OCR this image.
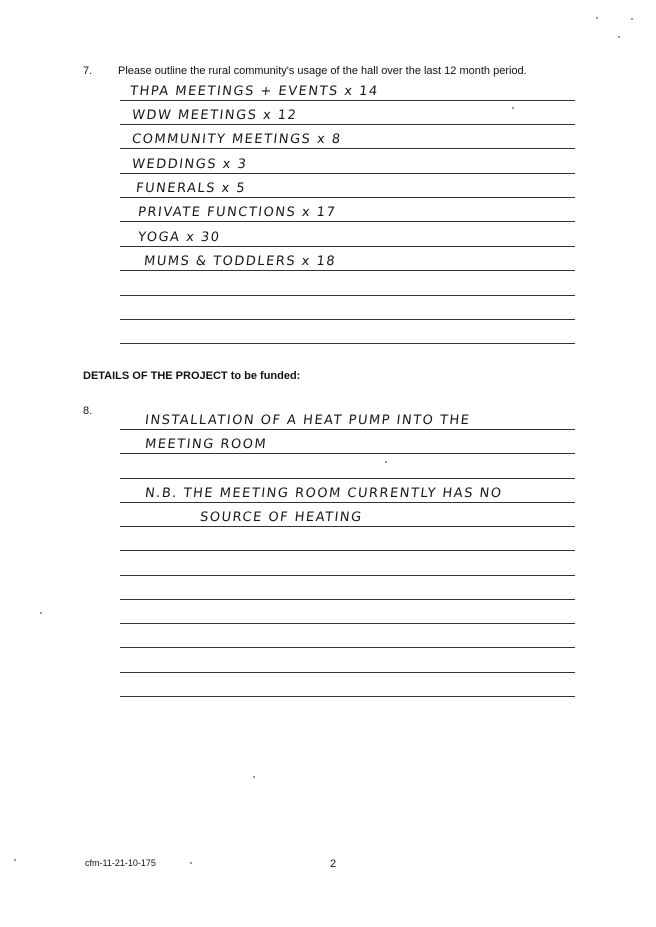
7. Please outline the rural community's usage of the hall over the last 12 month period.
THPA MEETINGS + EVENTS x 14
WDW MEETINGS x 12
COMMUNITY MEETINGS x 8
WEDDINGS x 3
FUNERALS x 5
PRIVATE FUNCTIONS x 17
YOGA x 30
MUMS & TODDLERS x 18
DETAILS OF THE PROJECT to be funded:
8.
INSTALLATION OF A HEAT PUMP INTO THE
MEETING ROOM
N.B. THE MEETING ROOM CURRENTLY HAS NO
SOURCE OF HEATING
cfm-11-21-10-175	2
